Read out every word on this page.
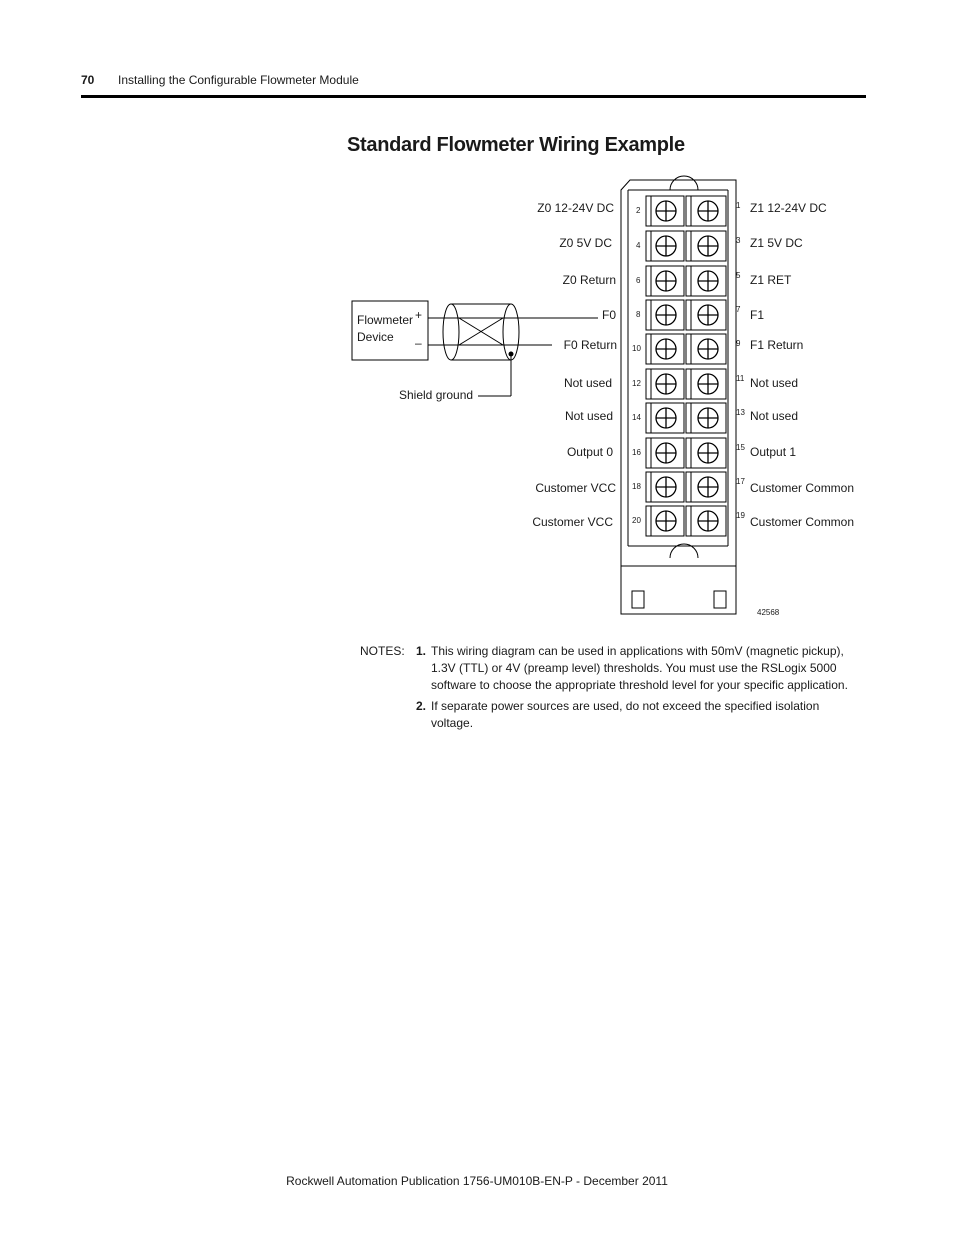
70 Installing the Configurable Flowmeter Module
Standard Flowmeter Wiring Example
Flowmeter
Device
+
–
Shield ground
Z0 12-24V DC	2
Z0 5V DC	4
Z0 Return	6
F0	8
F0 Return 10
Not used	12
Not used 14
Output 0 16
Customer VCC 18
Customer VCC 20
Z1 12-24V DC
1
Z1 5V DC
3
Z1 RET
5
F1
7
F1 Return
9
Not used
11
Not used
13
Output 1
15
Customer Common
17
Customer Common
19
42568
NOTES: 1. This wiring diagram can be used in applications with 50mV (magnetic pickup), 1.3V (TTL) or 4V (preamp level) thresholds. You must use the RSLogix 5000 software to choose the appropriate threshold level for your specific application.
2. If separate power sources are used, do not exceed the specified isolation voltage.
Rockwell Automation Publication 1756-UM010B-EN-P - December 2011
